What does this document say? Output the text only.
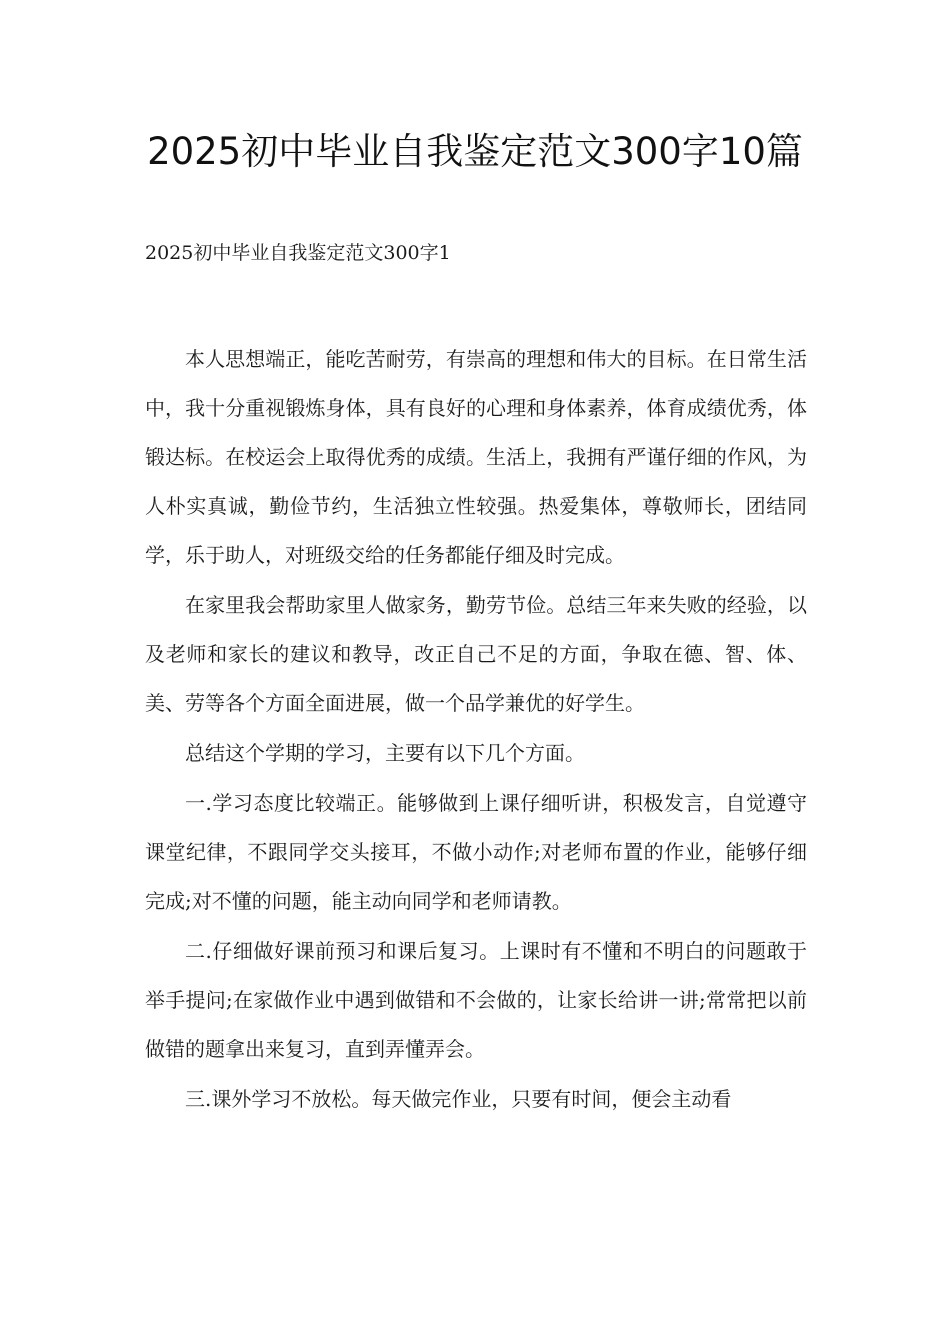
2025初中毕业自我鉴定范文300字10篇
2025初中毕业自我鉴定范文300字1

本人思想端正，能吃苦耐劳，有崇高的理想和伟大的目标。在日常生活中，我十分重视锻炼身体，具有良好的心理和身体素养，体育成绩优秀，体锻达标。在校运会上取得优秀的成绩。生活上，我拥有严谨仔细的作风，为人朴实真诚，勤俭节约，生活独立性较强。热爱集体，尊敬师长，团结同学，乐于助人，对班级交给的任务都能仔细及时完成。

在家里我会帮助家里人做家务，勤劳节俭。总结三年来失败的经验，以及老师和家长的建议和教导，改正自己不足的方面，争取在德、智、体、美、劳等各个方面全面进展，做一个品学兼优的好学生。

总结这个学期的学习，主要有以下几个方面。

一.学习态度比较端正。能够做到上课仔细听讲，积极发言，自觉遵守课堂纪律，不跟同学交头接耳，不做小动作;对老师布置的作业，能够仔细完成;对不懂的问题，能主动向同学和老师请教。

二.仔细做好课前预习和课后复习。上课时有不懂和不明白的问题敢于举手提问;在家做作业中遇到做错和不会做的，让家长给讲一讲;常常把以前做错的题拿出来复习，直到弄懂弄会。

三.课外学习不放松。每天做完作业，只要有时间，便会主动看
